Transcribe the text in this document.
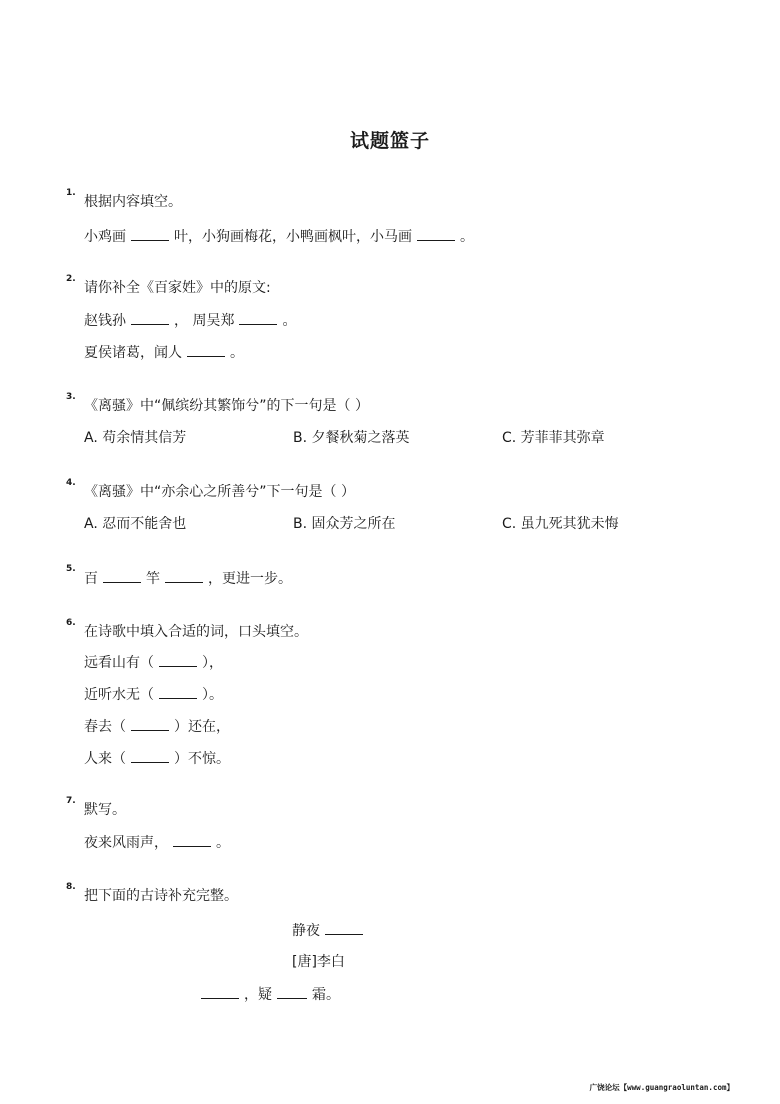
试题篮子
1.
根据内容填空。
小鸡画	叶，小狗画梅花，小鸭画枫叶，小马画	。
2.
请你补全《百家姓》中的原文:
赵钱孙	， 周吴郑	。
夏侯诸葛，闻人	。
3.
《离骚》中“佩缤纷其繁饰兮”的下一句是（ ）
A. 苟余情其信芳	B. 夕餐秋菊之落英	C. 芳菲菲其弥章
4.
《离骚》中“亦余心之所善兮”下一句是（ ）
A. 忍而不能舍也	B. 固众芳之所在	C. 虽九死其犹未悔
5.
百	竿	，更进一步。
6.
在诗歌中填入合适的词，口头填空。
远看山有（	），
近听水无（	）。
春去（	）还在，
人来（	）不惊。
7.
默写。
夜来风雨声，	。
8.
把下面的古诗补充完整。
静夜
[唐]李白
，疑	霜。
广饶论坛【www.guangraoluntan.com】
